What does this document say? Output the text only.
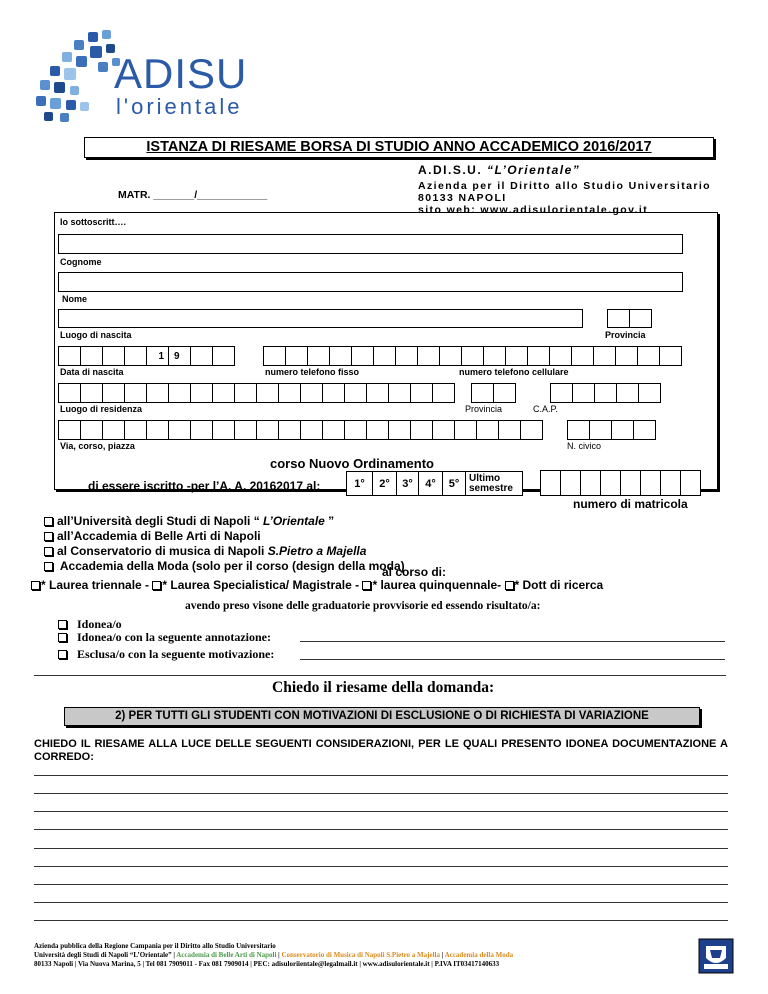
ADISU
l'orientale
ISTANZA DI RIESAME BORSA DI STUDIO ANNO ACCADEMICO 2016/2017
A.DI.S.U. “L’Orientale”
Azienda per il Diritto allo Studio Universitario
80133 NAPOLI
sito web: www.adisulorientale.gov.it
MATR. _______/____________
Io sottoscritt….
Cognome
Nome
Luogo di nascita	Provincia
1	9
Data di nascita	numero telefono fisso	numero telefono cellulare
Luogo di residenza	Provincia	C.A.P.
Via, corso, piazza	N. civico
corso Nuovo Ordinamento
di essere iscritto -per l’A. A. 20162017 al:	1°	2°	3°	4°	5° Ultimo semestre
numero di matricola
all’Università degli Studi di Napoli “ L’Orientale ”
all’Accademia di Belle Arti di Napoli
al Conservatorio di musica di Napoli S.Pietro a Majella
Accademia della Moda (solo per il corso (design della moda)
al corso di:
* Laurea triennale - * Laurea Specialistica/ Magistrale - * laurea quinquennale- * Dott di ricerca
avendo preso visone delle graduatorie provvisorie ed essendo risultato/a:
Idonea/o
Idonea/o con la seguente annotazione:
Esclusa/o con la seguente motivazione:
Chiedo il riesame della domanda:
2) PER TUTTI GLI STUDENTI CON MOTIVAZIONI DI ESCLUSIONE O DI RICHIESTA DI VARIAZIONE
CHIEDO IL RIESAME ALLA LUCE DELLE SEGUENTI CONSIDERAZIONI, PER LE QUALI PRESENTO IDONEA DOCUMENTAZIONE A CORREDO:
Azienda pubblica della Regione Campania per il Diritto allo Studio Universitario
Università degli Studi di Napoli “L’Orientale” | Accademia di Belle Arti di Napoli | Conservatorio di Musica di Napoli S.Pietro a Majella | Accademia della Moda
80133 Napoli | Via Nuova Marina, 5 | Tel 081 7909011 - Fax 081 7909014 | PEC: adisuloriientale@legalmail.it | www.adisulorientale.it | P.IVA IT03417140633
